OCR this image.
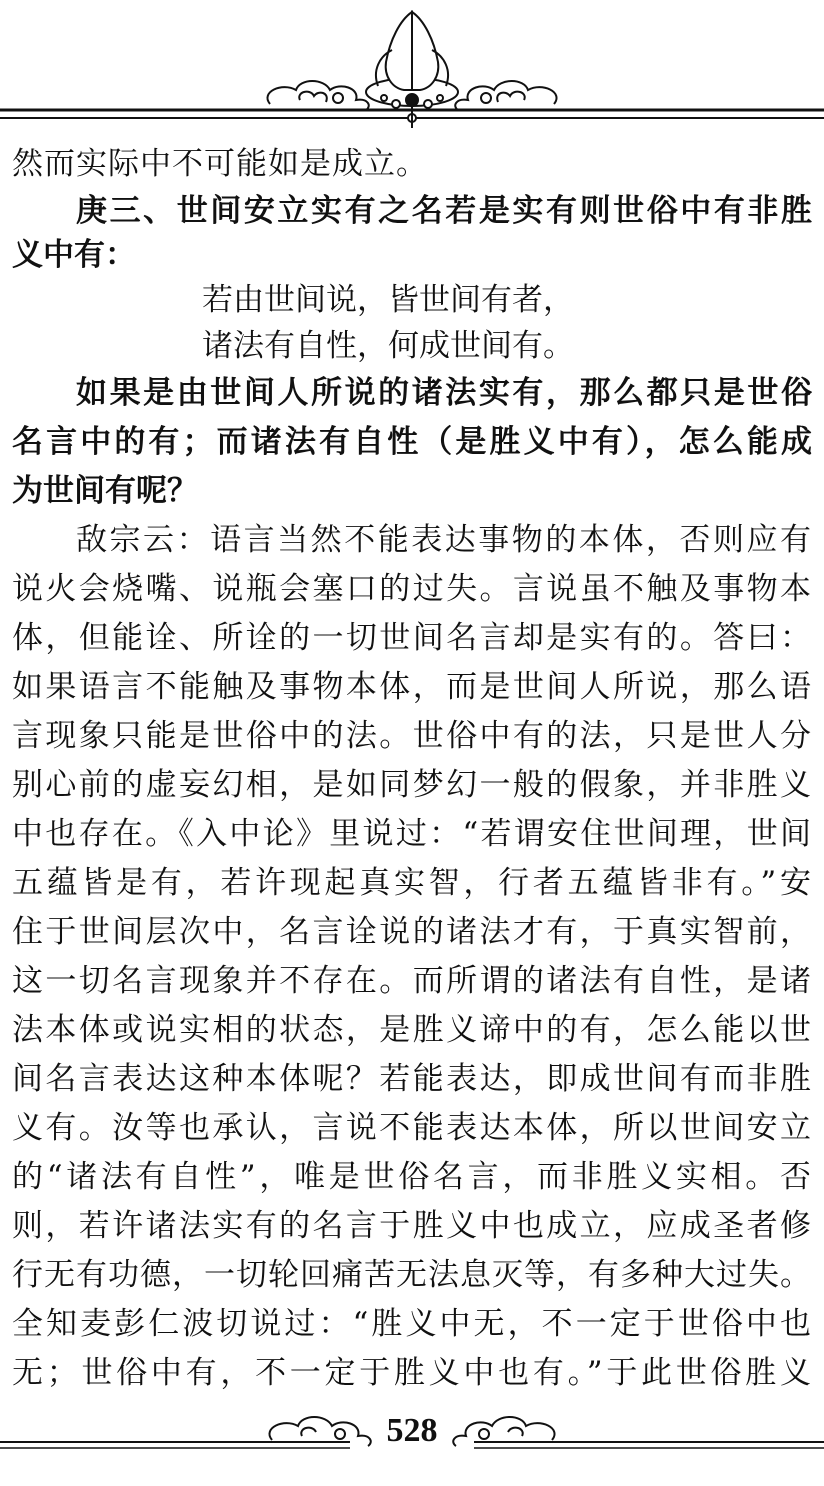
然而实际中不可能如是成立。
庚三、世间安立实有之名若是实有则世俗中有非胜
义中有：
若由世间说，皆世间有者，
诸法有自性，何成世间有。
如果是由世间人所说的诸法实有，那么都只是世俗
名言中的有；而诸法有自性（是胜义中有），怎么能成
为世间有呢？
敌宗云：语言当然不能表达事物的本体，否则应有
说火会烧嘴、说瓶会塞口的过失。言说虽不触及事物本
体，但能诠、所诠的一切世间名言却是实有的。答曰：
如果语言不能触及事物本体，而是世间人所说，那么语
言现象只能是世俗中的法。世俗中有的法，只是世人分
别心前的虚妄幻相，是如同梦幻一般的假象，并非胜义
中也存在。《入中论》里说过：“若谓安住世间理，世间
五蕴皆是有，若许现起真实智，行者五蕴皆非有。”安
住于世间层次中，名言诠说的诸法才有，于真实智前，
这一切名言现象并不存在。而所谓的诸法有自性，是诸
法本体或说实相的状态，是胜义谛中的有，怎么能以世
间名言表达这种本体呢？若能表达，即成世间有而非胜
义有。汝等也承认，言说不能表达本体，所以世间安立
的“诸法有自性”，唯是世俗名言，而非胜义实相。否
则，若许诸法实有的名言于胜义中也成立，应成圣者修
行无有功德，一切轮回痛苦无法息灭等，有多种大过失。
全知麦彭仁波切说过：“胜义中无，不一定于世俗中也
无；世俗中有，不一定于胜义中也有。”于此世俗胜义
528
